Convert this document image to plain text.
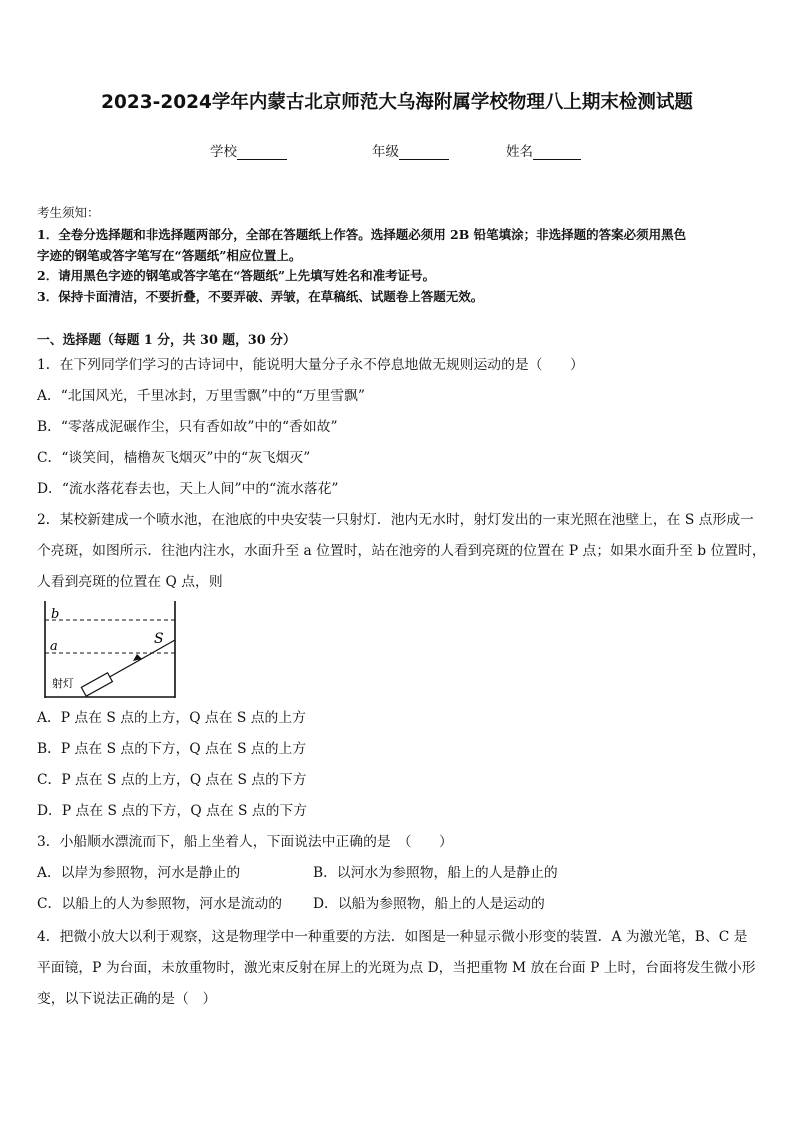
2023-2024学年内蒙古北京师范大乌海附属学校物理八上期末检测试题
学校	年级	姓名
考生须知：
1．全卷分选择题和非选择题两部分，全部在答题纸上作答。选择题必须用 2B 铅笔填涂；非选择题的答案必须用黑色
字迹的钢笔或答字笔写在“答题纸”相应位置上。
2．请用黑色字迹的钢笔或答字笔在“答题纸”上先填写姓名和准考证号。
3．保持卡面清洁，不要折叠，不要弄破、弄皱，在草稿纸、试题卷上答题无效。
一、选择题（每题 1 分，共 30 题，30 分）
1．在下列同学们学习的古诗词中，能说明大量分子永不停息地做无规则运动的是（　　）
A．“北国风光，千里冰封，万里雪飘”中的“万里雪飘”
B．“零落成泥碾作尘，只有香如故”中的“香如故”
C．“谈笑间，樯橹灰飞烟灭”中的“灰飞烟灭”
D．“流水落花春去也，天上人间”中的“流水落花”
2．某校新建成一个喷水池，在池底的中央安装一只射灯．池内无水时，射灯发出的一束光照在池壁上，在 S 点形成一
个亮斑，如图所示．往池内注水，水面升至 a 位置时，站在池旁的人看到亮斑的位置在 P 点；如果水面升至 b 位置时，
人看到亮斑的位置在 Q 点，则
b
a	S
射灯
A．P 点在 S 点的上方，Q 点在 S 点的上方
B．P 点在 S 点的下方，Q 点在 S 点的上方
C．P 点在 S 点的上方，Q 点在 S 点的下方
D．P 点在 S 点的下方，Q 点在 S 点的下方
3．小船顺水漂流而下，船上坐着人，下面说法中正确的是　（　　）
A．以岸为参照物，河水是静止的	B．以河水为参照物，船上的人是静止的
C．以船上的人为参照物，河水是流动的 D．以船为参照物，船上的人是运动的
4．把微小放大以利于观察，这是物理学中一种重要的方法．如图是一种显示微小形变的装置．A 为激光笔，B、C 是
平面镜，P 为台面，未放重物时，激光束反射在屏上的光斑为点 D，当把重物 M 放在台面 P 上时，台面将发生微小形
变，以下说法正确的是（　）
